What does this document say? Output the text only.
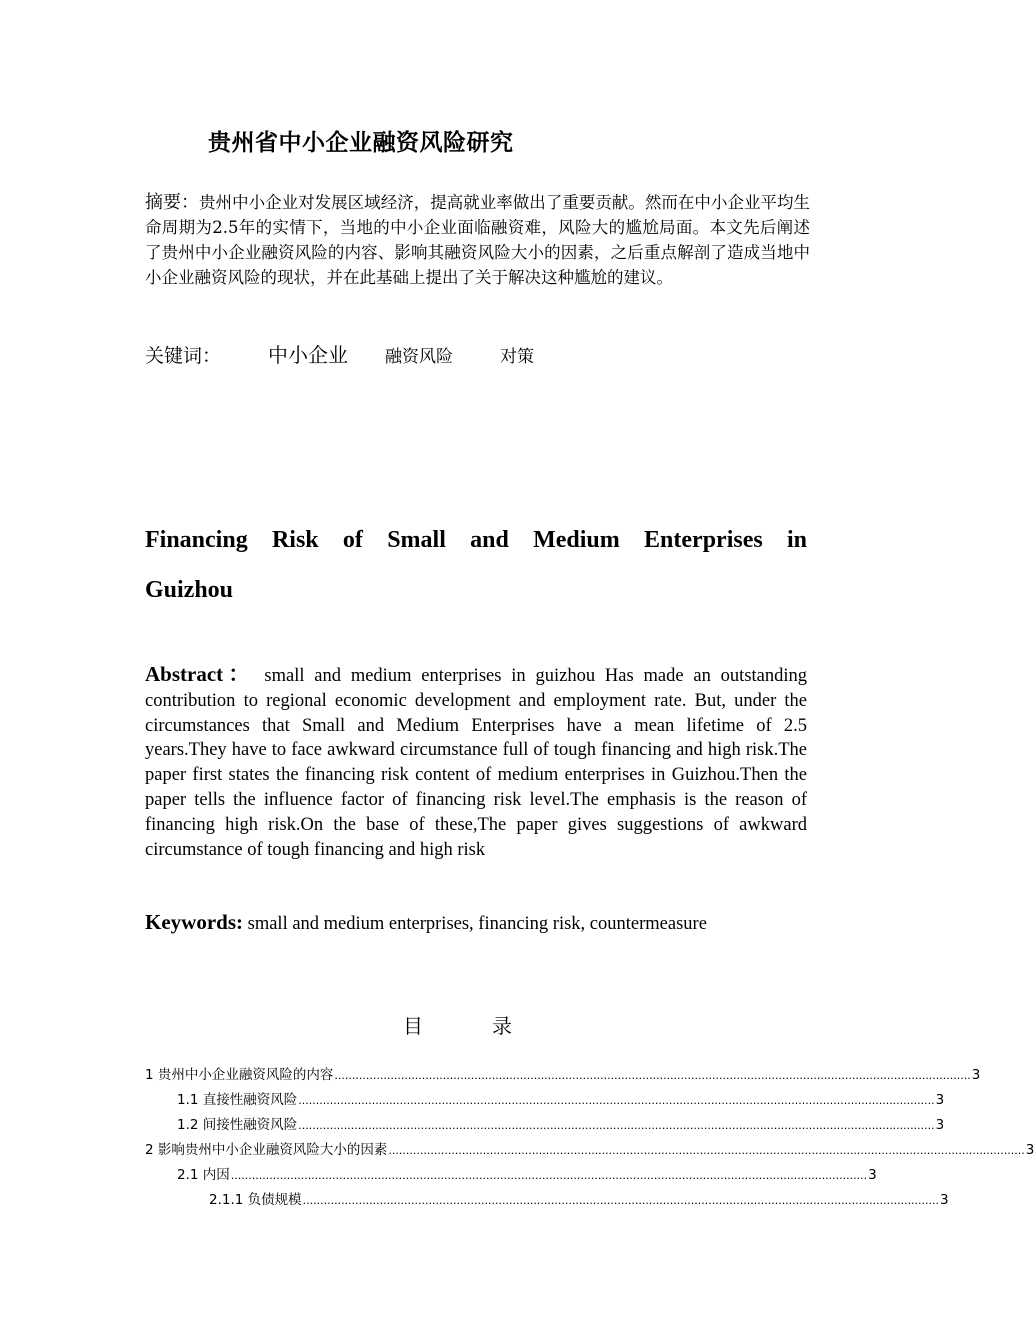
贵州省中小企业融资风险研究
摘要：贵州中小企业对发展区域经济，提高就业率做出了重要贡献。然而在中小企业平均生命周期为2.5年的实情下，当地的中小企业面临融资难，风险大的尴尬局面。本文先后阐述了贵州中小企业融资风险的内容、影响其融资风险大小的因素，之后重点解剖了造成当地中小企业融资风险的现状，并在此基础上提出了关于解决这种尴尬的建议。
关键词： 中小企业 融资风险	对策
Financing Risk of Small and Medium Enterprises in
Guizhou
Abstract： small and medium enterprises in guizhou Has made an outstanding contribution to regional economic development and employment rate. But, under the circumstances that Small and Medium Enterprises have a mean lifetime of 2.5 years.They have to face awkward circumstance full of tough financing and high risk.The paper first states the financing risk content of medium enterprises in Guizhou.Then the paper tells the influence factor of financing risk level.The emphasis is the reason of financing high risk.On the base of these,The paper gives suggestions of awkward circumstance of tough financing and high risk
Keywords: small and medium enterprises, financing risk, countermeasure
目	录
1 贵州中小企业融资风险的内容 ...................................................................................................................................................................................... 3
1.1 直接性融资风险 ...................................................................................................................................................................................... 3
1.2 间接性融资风险 ...................................................................................................................................................................................... 3
2 影响贵州中小企业融资风险大小的因素 ...................................................................................................................................................................................... 3
2.1 内因 ...................................................................................................................................................................................... 3
2.1.1 负债规模 ...................................................................................................................................................................................... 3
